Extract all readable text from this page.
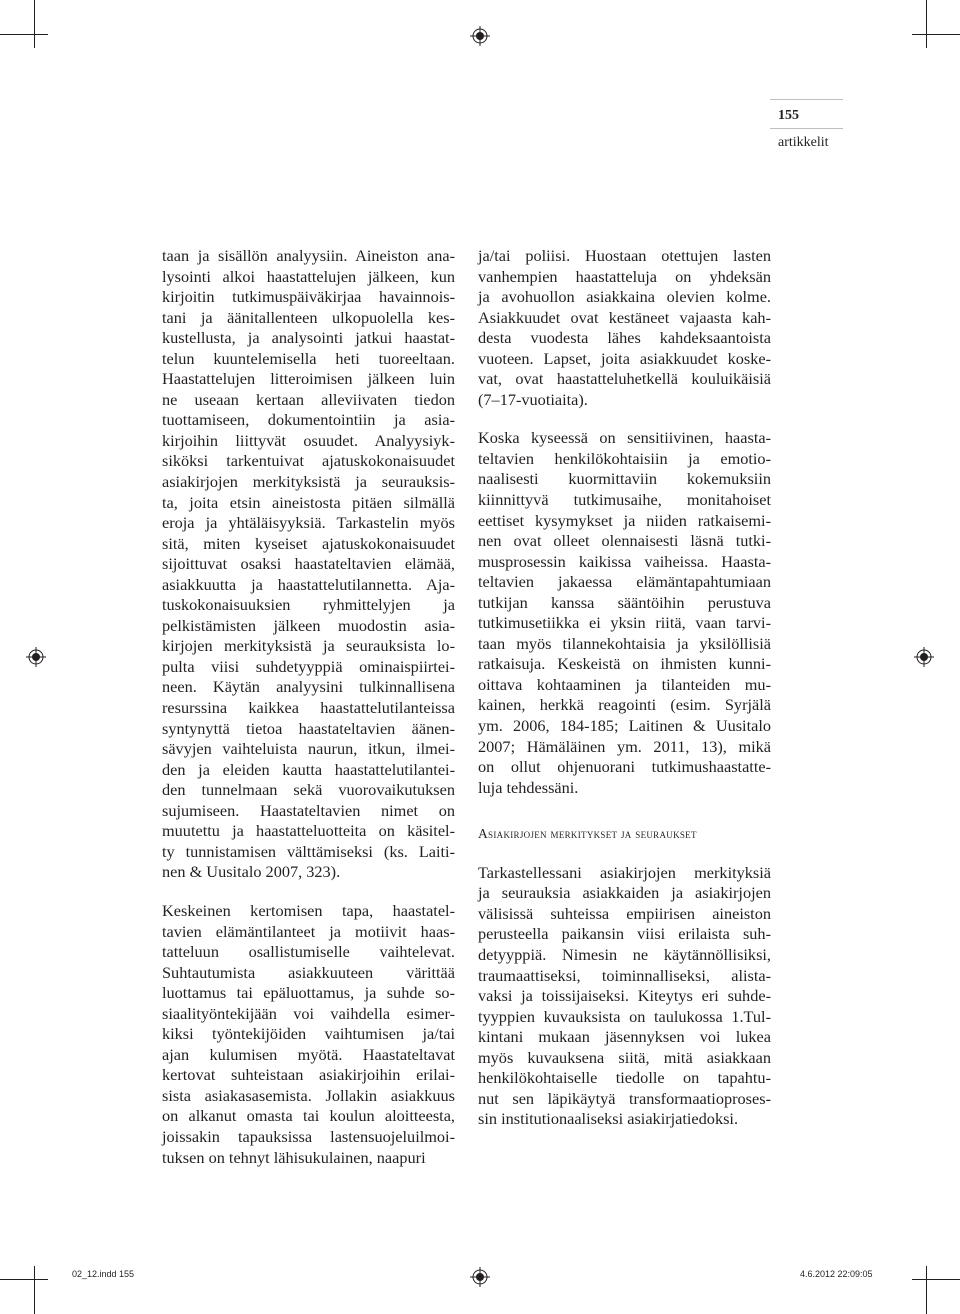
155
artikkelit
taan ja sisällön analyysiin. Aineiston ana-
lysointi alkoi haastattelujen jälkeen, kun
kirjoitin tutkimuspäiväkirjaa havainnois-
tani ja äänitallenteen ulkopuolella kes-
kustellusta, ja analysointi jatkui haastat-
telun kuuntelemisella heti tuoreeltaan.
Haastattelujen litteroimisen jälkeen luin
ne useaan kertaan alleviivaten tiedon
tuottamiseen, dokumentointiin ja asia-
kirjoihin liittyvät osuudet. Analyysiyk-
siköksi tarkentuivat ajatuskokonaisuudet
asiakirjojen merkityksistä ja seurauksis-
ta, joita etsin aineistosta pitäen silmällä
eroja ja yhtäläisyyksiä. Tarkastelin myös
sitä, miten kyseiset ajatuskokonaisuudet
sijoittuvat osaksi haastateltavien elämää,
asiakkuutta ja haastattelutilannetta. Aja-
tuskokonaisuuksien ryhmittelyjen ja
pelkistämisten jälkeen muodostin asia-
kirjojen merkityksistä ja seurauksista lo-
pulta viisi suhdetyyppiä ominaispiirtei-
neen. Käytän analyysini tulkinnallisena
resurssina kaikkea haastattelutilanteissa
syntynyttä tietoa haastateltavien äänen-
sävyjen vaihteluista naurun, itkun, ilmei-
den ja eleiden kautta haastattelutilantei-
den tunnelmaan sekä vuorovaikutuksen
sujumiseen. Haastateltavien nimet on
muutettu ja haastatteluotteita on käsitel-
ty tunnistamisen välttämiseksi (ks. Laiti-
nen & Uusitalo 2007, 323).
Keskeinen kertomisen tapa, haastatel-
tavien elämäntilanteet ja motiivit haas-
tatteluun osallistumiselle vaihtelevat.
Suhtautumista asiakkuuteen värittää
luottamus tai epäluottamus, ja suhde so-
siaalityöntekijään voi vaihdella esimer-
kiksi työntekijöiden vaihtumisen ja/tai
ajan kulumisen myötä. Haastateltavat
kertovat suhteistaan asiakirjoihin erilai-
sista asiakasasemista. Jollakin asiakkuus
on alkanut omasta tai koulun aloitteesta,
joissakin tapauksissa lastensuojeluilmoi-
tuksen on tehnyt lähisukulainen, naapuri
ja/tai poliisi. Huostaan otettujen lasten
vanhempien haastatteluja on yhdeksän
ja avohuollon asiakkaina olevien kolme.
Asiakkuudet ovat kestäneet vajaasta kah-
desta vuodesta lähes kahdeksaantoista
vuoteen. Lapset, joita asiakkuudet koske-
vat, ovat haastatteluhetkellä kouluikäisiä
(7–17-vuotiaita).
Koska kyseessä on sensitiivinen, haasta-
teltavien henkilökohtaisiin ja emotio-
naalisesti kuormittaviin kokemuksiin
kiinnittyvä tutkimusaihe, monitahoiset
eettiset kysymykset ja niiden ratkaisemi-
nen ovat olleet olennaisesti läsnä tutki-
musprosessin kaikissa vaiheissa. Haasta-
teltavien jakaessa elämäntapahtumiaan
tutkijan kanssa sääntöihin perustuva
tutkimusetiikka ei yksin riitä, vaan tarvi-
taan myös tilannekohtaisia ja yksilöllisiä
ratkaisuja. Keskeistä on ihmisten kunni-
oittava kohtaaminen ja tilanteiden mu-
kainen, herkkä reagointi (esim. Syrjälä
ym. 2006, 184-185; Laitinen & Uusitalo
2007; Hämäläinen ym. 2011, 13), mikä
on ollut ohjenuorani tutkimushaastatte-
luja tehdessäni.
Asiakirjojen merkitykset ja seuraukset
Tarkastellessani asiakirjojen merkityksiä
ja seurauksia asiakkaiden ja asiakirjojen
välisissä suhteissa empiirisen aineiston
perusteella paikansin viisi erilaista suh-
detyyppiä. Nimesin ne käytännöllisiksi,
traumaattiseksi, toiminnalliseksi, alista-
vaksi ja toissijaiseksi. Kiteytys eri suhde-
tyyppien kuvauksista on taulukossa 1.Tul-
kintani mukaan jäsennyksen voi lukea
myös kuvauksena siitä, mitä asiakkaan
henkilökohtaiselle tiedolle on tapahtu-
nut sen läpikäytyä transformaatioproses-
sin institutionaaliseksi asiakirjatiedoksi.
02_12.indd 155	4.6.2012 22:09:05
